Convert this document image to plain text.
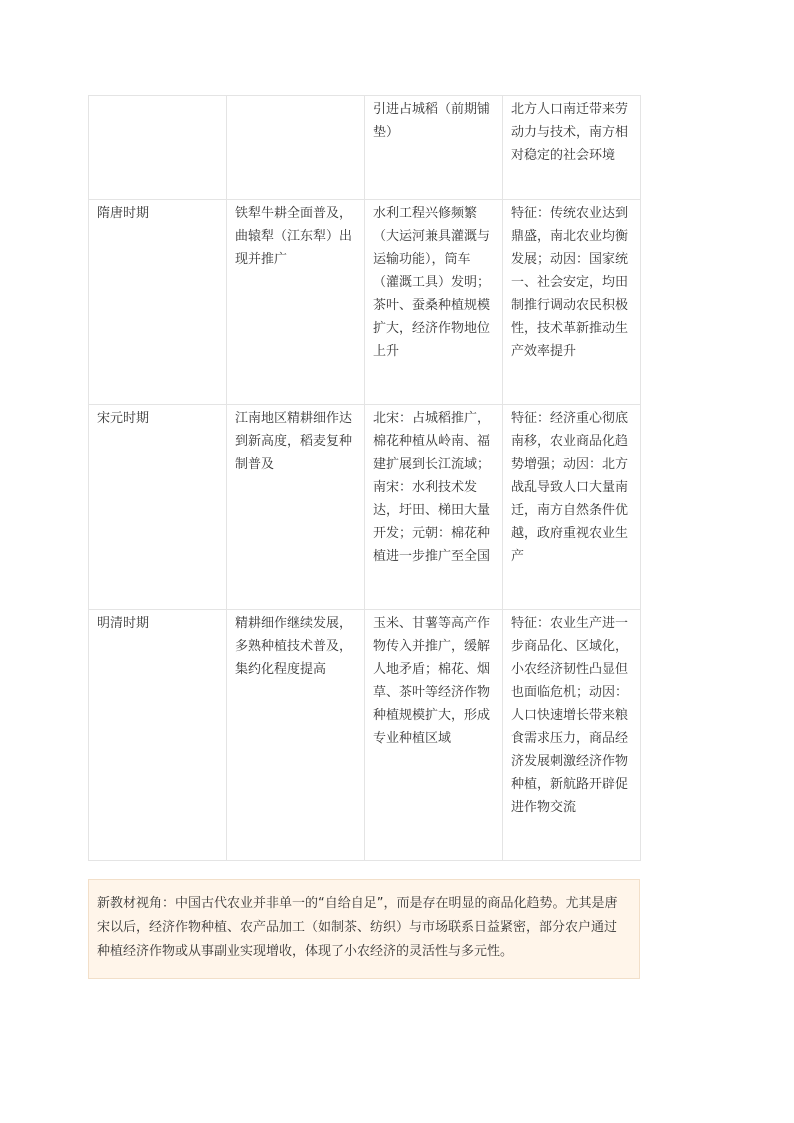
		引进占城稻（前期铺垫）	北方人口南迁带来劳动力与技术，南方相对稳定的社会环境
隋唐时期	铁犁牛耕全面普及，曲辕犁（江东犁）出现并推广	水利工程兴修频繁（大运河兼具灌溉与运输功能），筒车（灌溉工具）发明；茶叶、蚕桑种植规模扩大，经济作物地位上升	特征：传统农业达到鼎盛，南北农业均衡发展；动因：国家统一、社会安定，均田制推行调动农民积极性，技术革新推动生产效率提升
宋元时期	江南地区精耕细作达到新高度，稻麦复种制普及	北宋：占城稻推广，棉花种植从岭南、福建扩展到长江流域；南宋：水利技术发达，圩田、梯田大量开发；元朝：棉花种植进一步推广至全国	特征：经济重心彻底南移，农业商品化趋势增强；动因：北方战乱导致人口大量南迁，南方自然条件优越，政府重视农业生产
明清时期	精耕细作继续发展，多熟种植技术普及，集约化程度提高	玉米、甘薯等高产作物传入并推广，缓解人地矛盾；棉花、烟草、茶叶等经济作物种植规模扩大，形成专业种植区域	特征：农业生产进一步商品化、区域化，小农经济韧性凸显但也面临危机；动因：人口快速增长带来粮食需求压力，商品经济发展刺激经济作物种植，新航路开辟促进作物交流
新教材视角：中国古代农业并非单一的“自给自足”，而是存在明显的商品化趋势。尤其是唐宋以后，经济作物种植、农产品加工（如制茶、纺织）与市场联系日益紧密，部分农户通过种植经济作物或从事副业实现增收，体现了小农经济的灵活性与多元性。
